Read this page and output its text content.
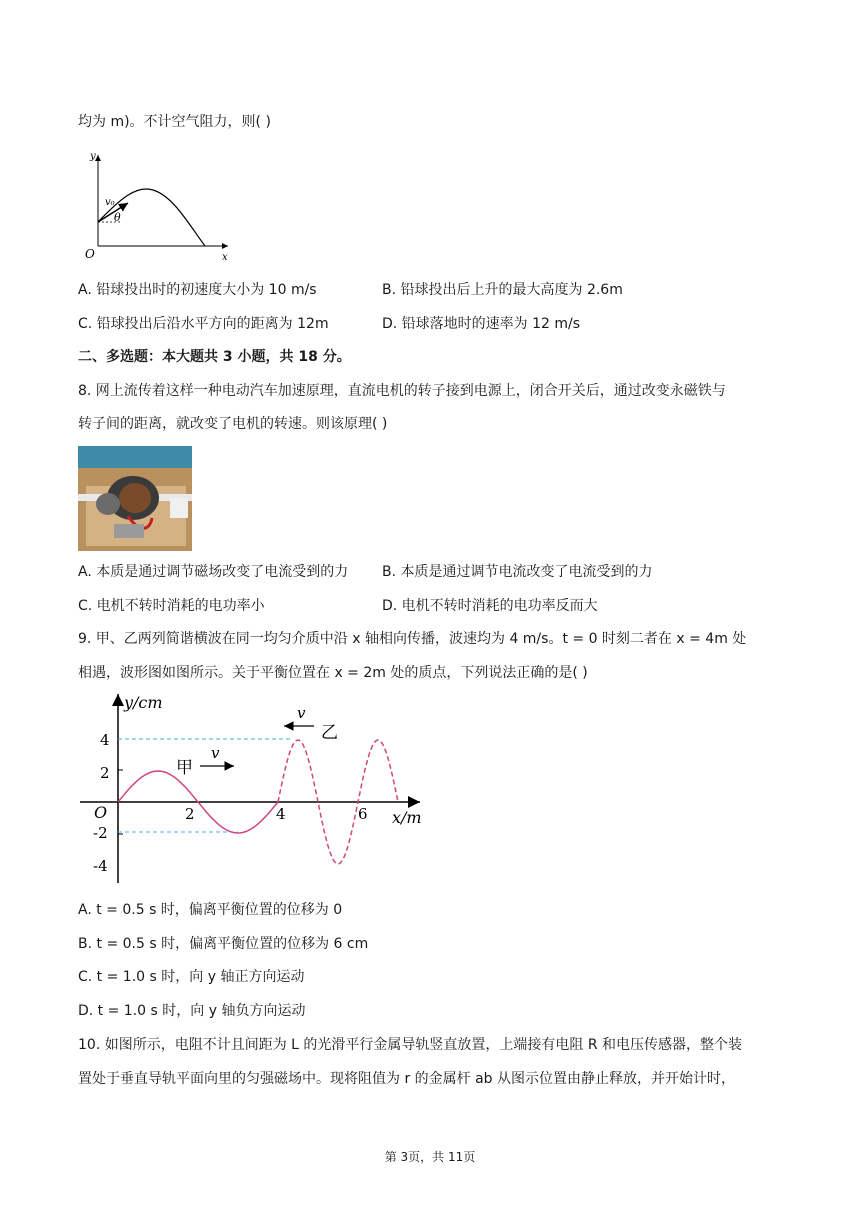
均为 m)。不计空气阻力，则( )
y
x
O
v₀
θ
A. 铅球投出时的初速度大小为 10 m/s	B. 铅球投出后上升的最大高度为 2.6m
C. 铅球投出后沿水平方向的距离为 12m	D. 铅球落地时的速率为 12 m/s
二、多选题：本大题共 3 小题，共 18 分。
8. 网上流传着这样一种电动汽车加速原理，直流电机的转子接到电源上，闭合开关后，通过改变永磁铁与
转子间的距离，就改变了电机的转速。则该原理( )
A. 本质是通过调节磁场改变了电流受到的力 B. 本质是通过调节电流改变了电流受到的力
C. 电机不转时消耗的电功率小	D. 电机不转时消耗的电功率反而大
9. 甲、乙两列简谐横波在同一均匀介质中沿 x 轴相向传播，波速均为 4 m/s。t = 0 时刻二者在 x = 4m 处
相遇，波形图如图所示。关于平衡位置在 x = 2m 处的质点，下列说法正确的是( )
y/cm
x/m
O
4
2
-2
-4
2	4	6
甲
v
v
乙
A. t = 0.5 s 时，偏离平衡位置的位移为 0
B. t = 0.5 s 时，偏离平衡位置的位移为 6 cm
C. t = 1.0 s 时，向 y 轴正方向运动
D. t = 1.0 s 时，向 y 轴负方向运动
10. 如图所示，电阻不计且间距为 L 的光滑平行金属导轨竖直放置，上端接有电阻 R 和电压传感器，整个装
置处于垂直导轨平面向里的匀强磁场中。现将阻值为 r 的金属杆 ab 从图示位置由静止释放，并开始计时，
第 3页，共 11页
